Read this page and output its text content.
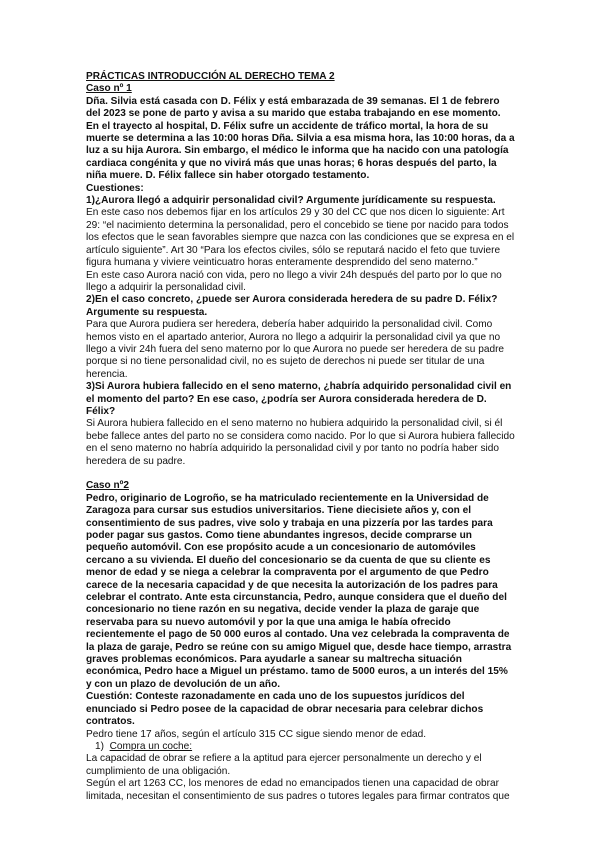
PRÁCTICAS INTRODUCCIÓN AL DERECHO TEMA 2

Caso nº 1

Dña. Silvia está casada con D. Félix y está embarazada de 39 semanas. El 1 de febrero del 2023 se pone de parto y avisa a su marido que estaba trabajando en ese momento. En el trayecto al hospital, D. Félix sufre un accidente de tráfico mortal, la hora de su muerte se determina a las 10:00 horas Dña. Silvia a esa misma hora, las 10:00 horas, da a luz a su hija Aurora. Sin embargo, el médico le informa que ha nacido con una patología cardiaca congénita y que no vivirá más que unas horas; 6 horas después del parto, la niña muere. D. Félix fallece sin haber otorgado testamento.

Cuestiones:

1)¿Aurora llegó a adquirir personalidad civil? Argumente jurídicamente su respuesta.

En este caso nos debemos fijar en los artículos 29 y 30 del CC que nos dicen lo siguiente: Art 29: “el nacimiento determina la personalidad, pero el concebido se tiene por nacido para todos los efectos que le sean favorables siempre que nazca con las condiciones que se expresa en el artículo siguiente”. Art 30 “Para los efectos civiles, sólo se reputará nacido el feto que tuviere figura humana y viviere veinticuatro horas enteramente desprendido del seno materno.”

En este caso Aurora nació con vida, pero no llego a vivir 24h después del parto por lo que no llego a adquirir la personalidad civil.

2)En el caso concreto, ¿puede ser Aurora considerada heredera de su padre D. Félix? Argumente su respuesta.

Para que Aurora pudiera ser heredera, debería haber adquirido la personalidad civil. Como hemos visto en el apartado anterior, Aurora no llego a adquirir la personalidad civil ya que no llego a vivir 24h fuera del seno materno por lo que Aurora no puede ser heredera de su padre porque si no tiene personalidad civil, no es sujeto de derechos ni puede ser titular de una herencia.

3)Si Aurora hubiera fallecido en el seno materno, ¿habría adquirido personalidad civil en el momento del parto? En ese caso, ¿podría ser Aurora considerada heredera de D. Félix?

Si Aurora hubiera fallecido en el seno materno no hubiera adquirido la personalidad civil, si él bebe fallece antes del parto no se considera como nacido. Por lo que si Aurora hubiera fallecido en el seno materno no habría adquirido la personalidad civil y por tanto no podría haber sido heredera de su padre.

Caso nº2

Pedro, originario de Logroño, se ha matriculado recientemente en la Universidad de Zaragoza para cursar sus estudios universitarios. Tiene diecisiete años y, con el consentimiento de sus padres, vive solo y trabaja en una pizzería por las tardes para poder pagar sus gastos. Como tiene abundantes ingresos, decide comprarse un pequeño automóvil. Con ese propósito acude a un concesionario de automóviles cercano a su vivienda. El dueño del concesionario se da cuenta de que su cliente es menor de edad y se niega a celebrar la compraventa por el argumento de que Pedro carece de la necesaria capacidad y de que necesita la autorización de los padres para celebrar el contrato. Ante esta circunstancia, Pedro, aunque considera que el dueño del concesionario no tiene razón en su negativa, decide vender la plaza de garaje que reservaba para su nuevo automóvil y por la que una amiga le había ofrecido recientemente el pago de 50 000 euros al contado. Una vez celebrada la compraventa de la plaza de garaje, Pedro se reúne con su amigo Miguel que, desde hace tiempo, arrastra graves problemas económicos. Para ayudarle a sanear su maltrecha situación económica, Pedro hace a Miguel un préstamo. tamo de 5000 euros, a un interés del 15% y con un plazo de devolución de un año.

Cuestión: Conteste razonadamente en cada uno de los supuestos jurídicos del enunciado si Pedro posee de la capacidad de obrar necesaria para celebrar dichos contratos.

Pedro tiene 17 años, según el artículo 315 CC sigue siendo menor de edad.

1) Compra un coche:

La capacidad de obrar se refiere a la aptitud para ejercer personalmente un derecho y el cumplimiento de una obligación.

Según el art 1263 CC, los menores de edad no emancipados tienen una capacidad de obrar limitada, necesitan el consentimiento de sus padres o tutores legales para firmar contratos que
